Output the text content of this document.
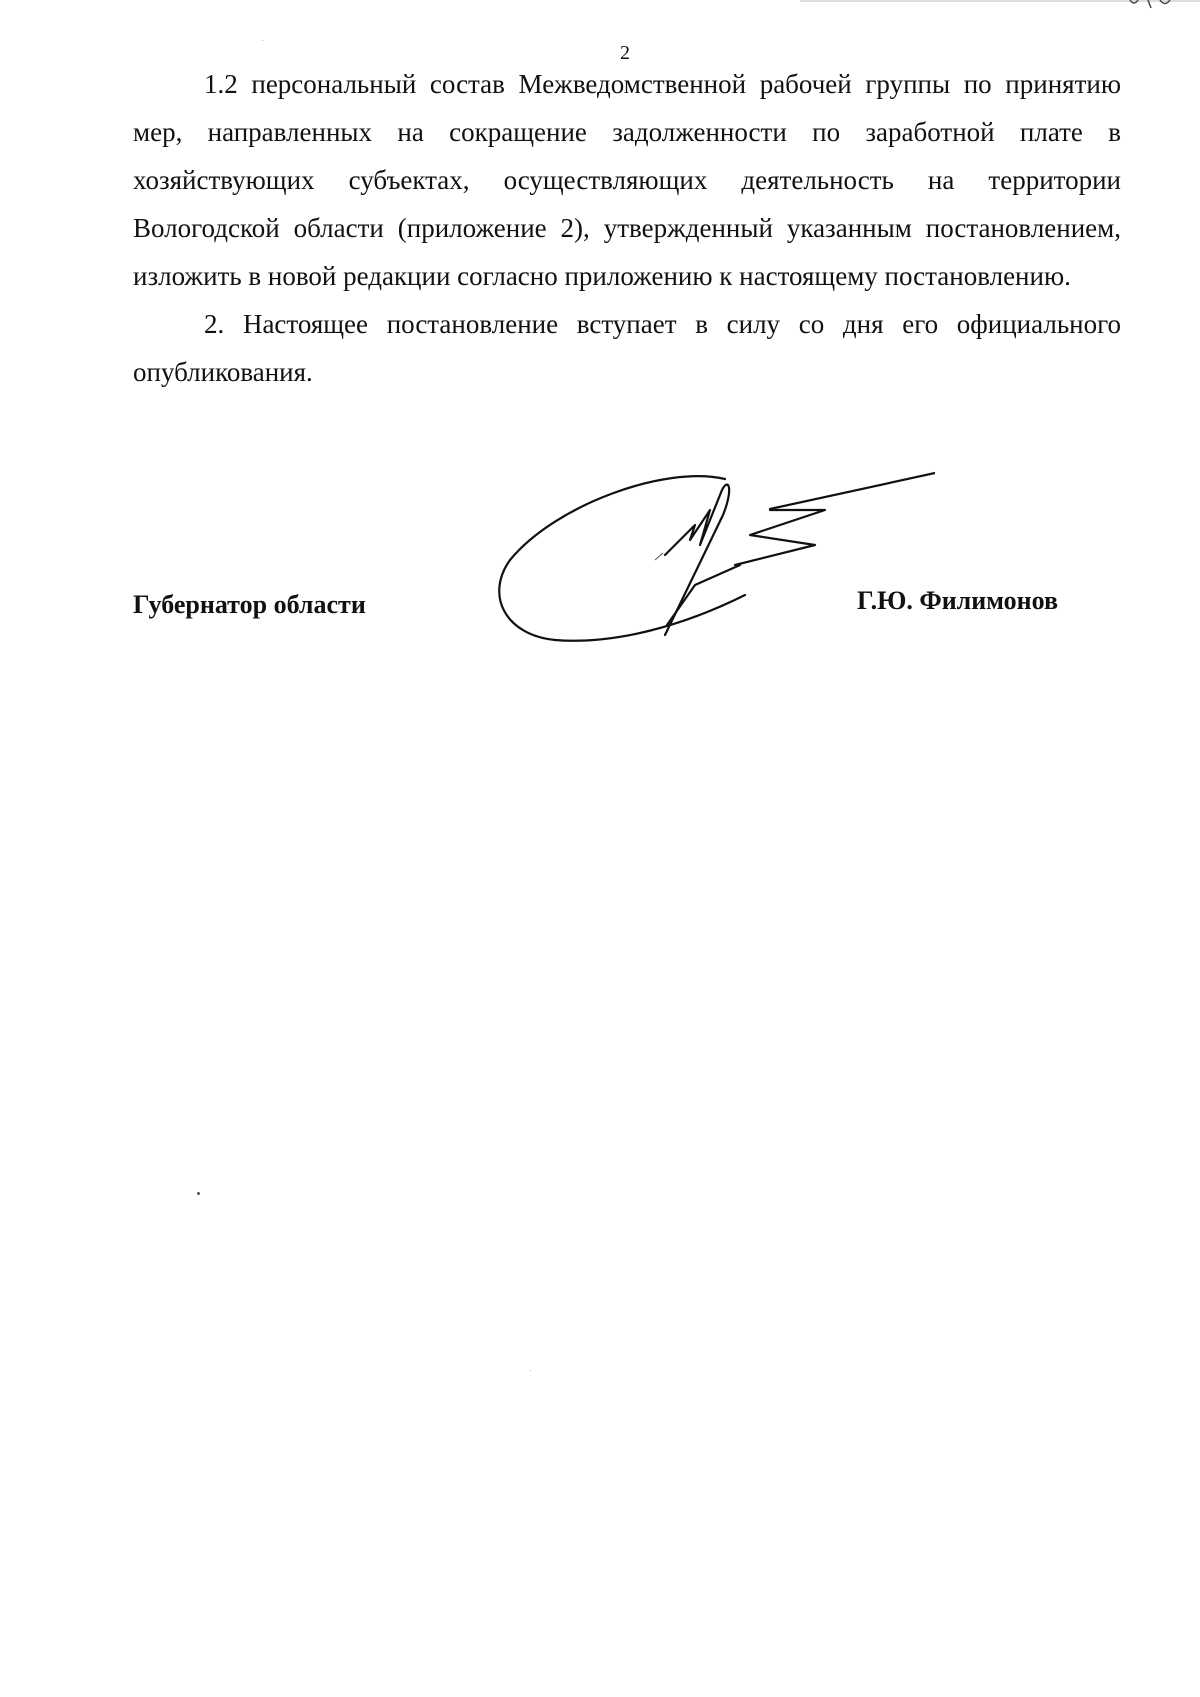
2

1.2 персональный состав Межведомственной рабочей группы по принятию мер, направленных на сокращение задолженности по заработной плате в хозяйствующих субъектах, осуществляющих деятельность на территории Вологодской области (приложение 2), утвержденный указанным постановлением, изложить в новой редакции согласно приложению к настоящему постановлению.

2. Настоящее постановление вступает в силу со дня его официального опубликования.

Губернатор области	Г.Ю. Филимонов
